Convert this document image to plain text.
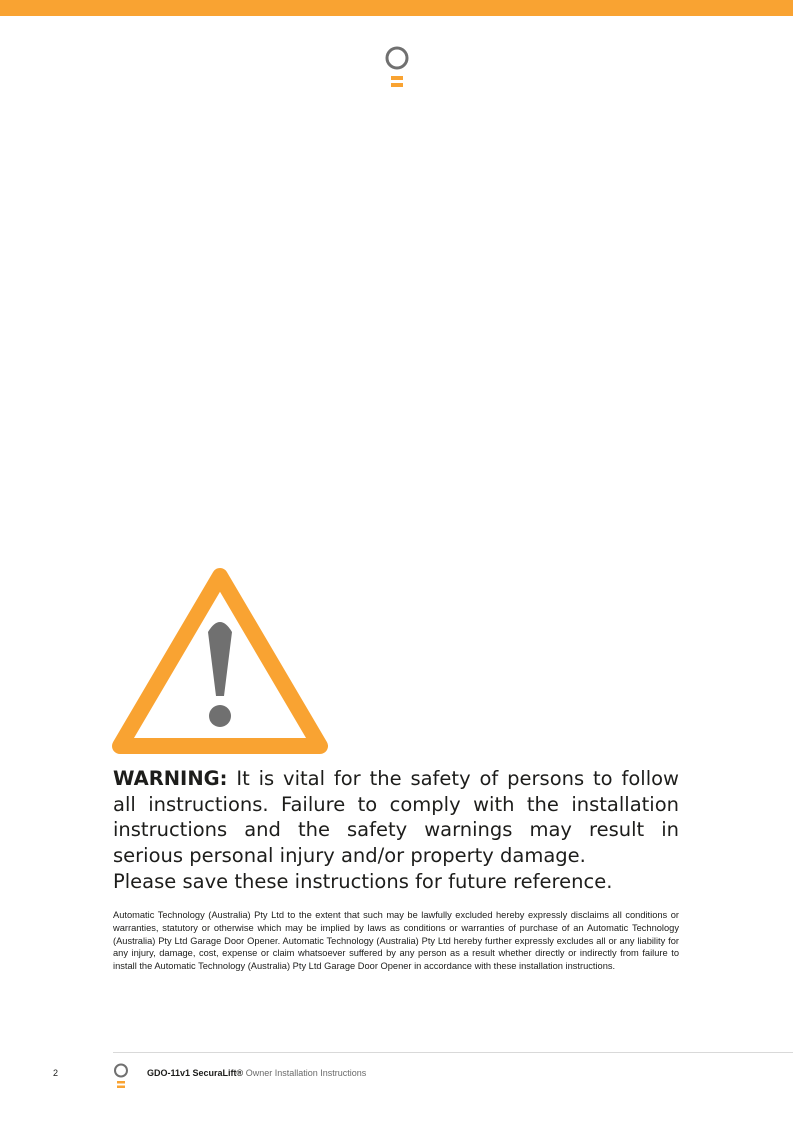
WARNING: It is vital for the safety of persons to follow all instructions. Failure to comply with the installation instructions and the safety warnings may result in serious personal injury and/or property damage.
Please save these instructions for future reference.
Automatic Technology (Australia) Pty Ltd to the extent that such may be lawfully excluded hereby expressly disclaims all conditions or warranties, statutory or otherwise which may be implied by laws as conditions or warranties of purchase of an Automatic Technology (Australia) Pty Ltd Garage Door Opener. Automatic Technology (Australia) Pty Ltd hereby further expressly excludes all or any liability for any injury, damage, cost, expense or claim whatsoever suffered by any person as a result whether directly or indirectly from failure to install the Automatic Technology (Australia) Pty Ltd Garage Door Opener in accordance with these installation instructions.
2	GDO-11v1 SecuraLift® Owner Installation Instructions
